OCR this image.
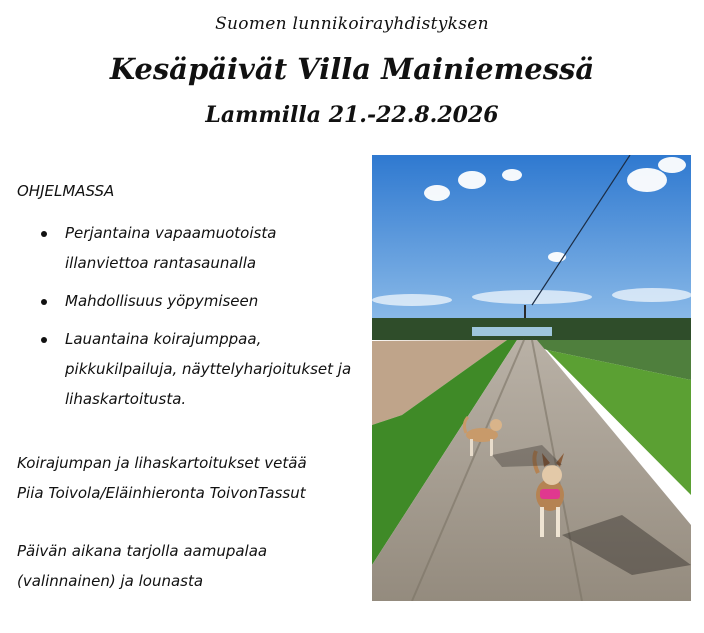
Suomen lunnikoirayhdistyksen
Kesäpäivät Villa Mainiemessä
Lammilla 21.-22.8.2026

OHJELMASSA

Perjantaina vapaamuotoista illanviettoa rantasaunalla
Mahdollisuus yöpymiseen
Lauantaina koirajumppaa, pikkukilpailuja, näyttelyharjoitukset ja lihaskartoitusta.
Koirajumpan ja lihaskartoitukset vetää
Piia Toivola/Eläinhieronta ToivonTassut
Päivän aikana tarjolla aamupalaa
(valinnainen) ja lounasta
